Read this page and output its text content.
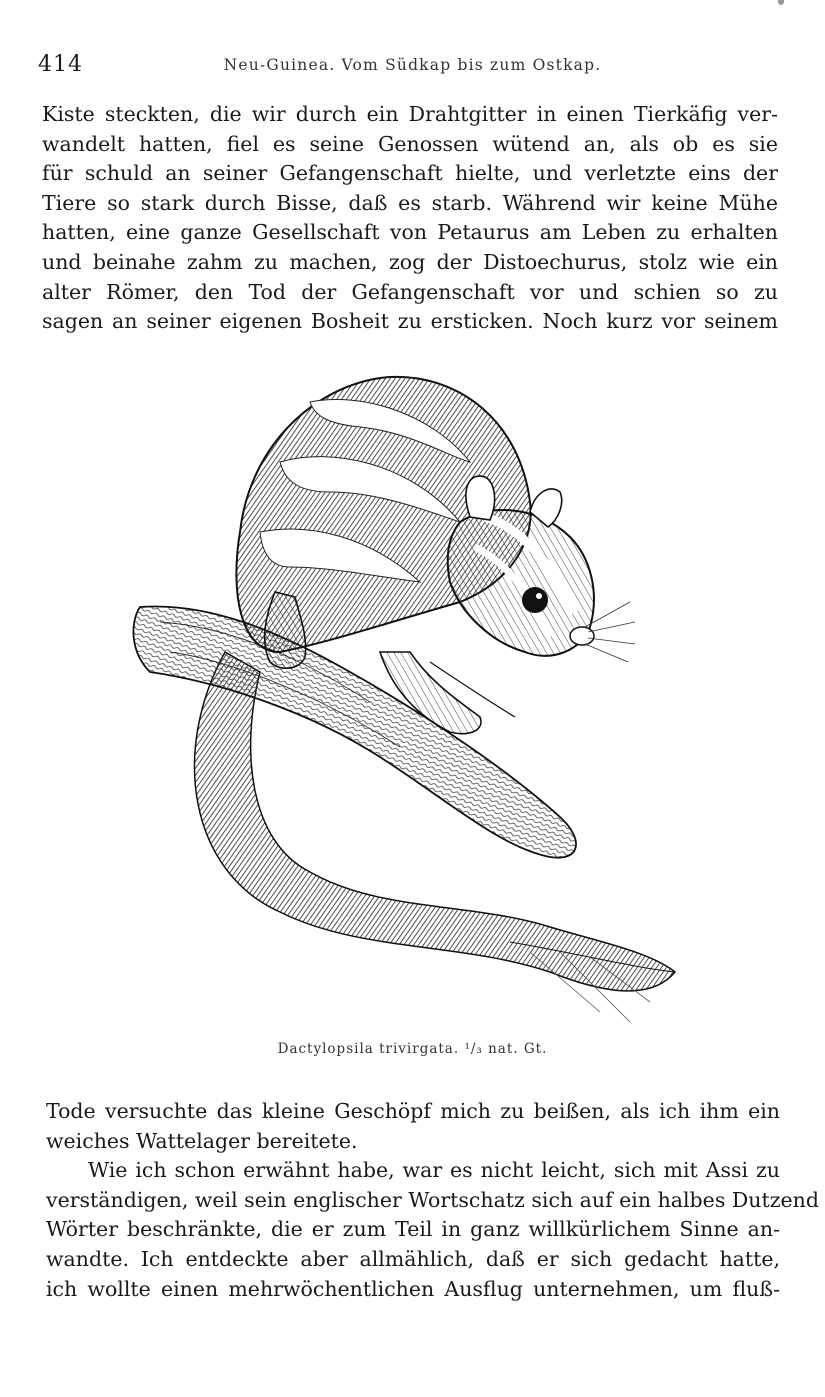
414	Neu-Guinea. Vom Südkap bis zum Ostkap.
Kiste steckten, die wir durch ein Drahtgitter in einen Tierkäfig ver-
wandelt hatten, fiel es seine Genossen wütend an, als ob es sie
für schuld an seiner Gefangenschaft hielte, und verletzte eins der
Tiere so stark durch Bisse, daß es starb. Während wir keine Mühe
hatten, eine ganze Gesellschaft von Petaurus am Leben zu erhalten
und beinahe zahm zu machen, zog der Distoechurus, stolz wie ein
alter Römer, den Tod der Gefangenschaft vor und schien so zu
sagen an seiner eigenen Bosheit zu ersticken. Noch kurz vor seinem
Dactylopsila trivirgata. ¹/₃ nat. Gt.
Tode versuchte das kleine Geschöpf mich zu beißen, als ich ihm ein
weiches Wattelager bereitete.
Wie ich schon erwähnt habe, war es nicht leicht, sich mit Assi zu
verständigen, weil sein englischer Wortschatz sich auf ein halbes Dutzend
Wörter beschränkte, die er zum Teil in ganz willkürlichem Sinne an-
wandte. Ich entdeckte aber allmählich, daß er sich gedacht hatte,
ich wollte einen mehrwöchentlichen Ausflug unternehmen, um fluß-
